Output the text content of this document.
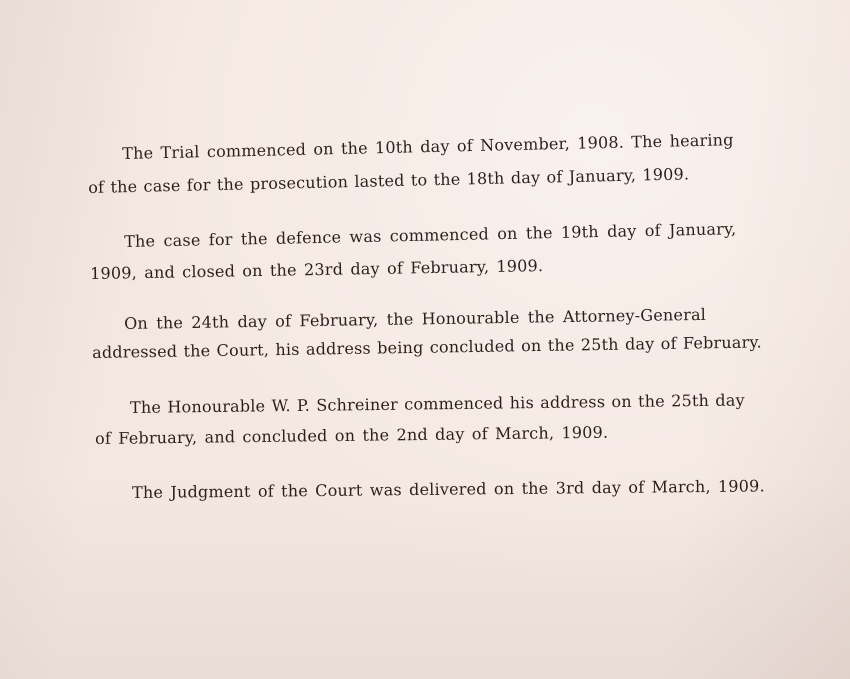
The Trial commenced on the 10th day of November, 1908. The hearing

of the case for the prosecution lasted to the 18th day of January, 1909.

The case for the defence was commenced on the 19th day of January,

1909, and closed on the 23rd day of February, 1909.

On the 24th day of February, the Honourable the Attorney-General

addressed the Court, his address being concluded on the 25th day of February.

The Honourable W. P. Schreiner commenced his address on the 25th day

of February, and concluded on the 2nd day of March, 1909.

The Judgment of the Court was delivered on the 3rd day of March, 1909.
